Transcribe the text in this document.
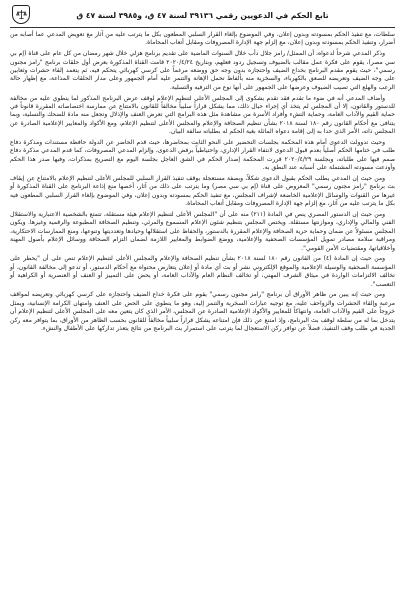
تابع الحكم في الدعويين رقمي ٣٩١٣٦ لسنة ٤٧ ق، و٣٩٨٥ لسنة ٤٧ ق

سلطات، مع تنفيذ الحكم بمسودته وبدون إعلان. وفي الموضوع بإلغاء القرار السلبي المطعون بكل ما يترتب عليه من آثار مع تعويض المدعي عما أصابه من أضرار، وتنفيذ الحكم بمسودته وبدون إعلان، مع إلزام جهة الإدارة المصروفات ومقابل أتعاب المحاماة.

وذكر المدعي شرحاً لدعواه، أن الممثل/ رامز جلال دأب خلال السنوات الماضية على تقديم برنامج هزلي خلال شهر رمضان من كل عام على قناة (إم بي سي مصر)، يقوم على فكرة عمل مقالب بالضيوف وتسجيل ردود فعلهم، وبتاريخ ٢٠٢٠/٤/٢٤ قامت القناة المذكورة بعرض أول حلقات برنامج "رامز مجنون رسمي"، حيث يقوم مقدم البرنامج بخداع الضيف واحتجازه بدون وجه حق ووضعه مرغماً على كرسي كهربائي يتحكم فيه، ثم يتعمد إلقاء حشرات وثعابين على وجه الضيف وتعريضه للصعق بالكهرباء، والسخرية منه بألفاظ تحمل الإهانة والتنمر عليه أمام الجمهور وعلى مدار الحلقات المذاعة، مع إظهار حالة الرعب والهلع التي تصيب الضيوف وعرضها على الجمهور على أنها نوع من الترفيه والتسلية.

وأضاف المدعي أنه في ضوء ما تقدم فقد تقدم بشكوى إلى المجلس الأعلى لتنظيم الإعلام لوقف عرض البرنامج المذكور لما ينطوي عليه من مخالفة للدستور والقانون، إلا أن المجلس لم يتخذ أي إجراء حيال ذلك، مما يشكل قراراً سلبياً مخالفاً للقانون بالامتناع عن ممارسة اختصاصاته المقررة قانوناً في حماية القيم والآداب العامة، وحماية النشء وأفراد الأسرة من مشاهدة مثل هذه البرامج التي تعرض العنف والإذلال وتجعل منه مادة للضحك والتسلية، وبما يتنافى مع أحكام القانون رقم ١٨٠ لسنة ٢٠١٨ بشأن تنظيم الصحافة والإعلام والمجلس الأعلى لتنظيم الإعلام، ومع الأكواد والمعايير الإعلامية الصادرة عن المجلس ذاته، الأمر الذي حدا به إلى إقامة دعواه الماثلة بغية الحكم له بطلباته سالفة البيان.

وحيث تدوولت الدعوى أمام هذه المحكمة بجلسات التحضير على النحو الثابت بمحاضرها، حيث قدم الحاضر عن الدولة حافظة مستندات ومذكرة دفاع طلب في ختامها الحكم أصلياً بعدم قبول الدعوى لانتفاء القرار الإداري، واحتياطياً برفض الدعوى، وإلزام المدعي المصروفات، كما قدم المدعي مذكرة دفاع صمم فيها على طلباته، وبجلسة ٢٠٢٠/٤/٢٩ قررت المحكمة إصدار الحكم في الشق العاجل بجلسة اليوم مع التصريح بمذكرات، وفيها صدر هذا الحكم وأودعت مسودته المشتملة على أسبابه عند النطق به.

ومن حيث إن المدعي يطلب الحكم بقبول الدعوى شكلاً، وبصفة مستعجلة بوقف تنفيذ القرار السلبي للمجلس الأعلى لتنظيم الإعلام بالامتناع عن إيقاف بث برنامج "رامز مجنون رسمي" المعروض على قناة (إم بي سي مصر) وما يترتب على ذلك من آثار، أخصها منع إذاعة البرنامج على القناة المذكورة أو غيرها من القنوات والوسائل الإعلامية الخاضعة لإشراف المجلس، مع تنفيذ الحكم بمسودته وبدون إعلان، وفي الموضوع بإلغاء القرار السلبي المطعون فيه بكل ما يترتب عليه من آثار، مع إلزام جهة الإدارة المصروفات ومقابل أتعاب المحاماة.

ومن حيث إن الدستور المصري ينص في المادة (٢١١) منه على أن "المجلس الأعلى لتنظيم الإعلام هيئة مستقلة، تتمتع بالشخصية الاعتبارية والاستقلال الفني والمالي والإداري، وموازنتها مستقلة. ويختص المجلس بتنظيم شئون الإعلام المسموع والمرئي، وتنظيم الصحافة المطبوعة والرقمية وغيرها. ويكون المجلس مسئولاً عن ضمان وحماية حرية الصحافة والإعلام المقررة بالدستور، والحفاظ على استقلالها وحيادها وتعدديتها وتنوعها، ومنع الممارسات الاحتكارية، ومراقبة سلامة مصادر تمويل المؤسسات الصحفية والإعلامية، ووضع الضوابط والمعايير اللازمة لضمان التزام الصحافة ووسائل الإعلام بأصول المهنة وأخلاقياتها، ومقتضيات الأمن القومي".

ومن حيث إن المادة (٤) من القانون رقم ١٨٠ لسنة ٢٠١٨ بشأن تنظيم الصحافة والإعلام والمجلس الأعلى لتنظيم الإعلام تنص على أن "يحظر على المؤسسة الصحفية والوسيلة الإعلامية والموقع الإلكتروني نشر أو بث أي مادة أو إعلان يتعارض محتواه مع أحكام الدستور، أو تدعو إلى مخالفة القانون، أو تخالف الالتزامات الواردة في ميثاق الشرف المهني، أو تخالف النظام العام والآداب العامة، أو يحض على التمييز أو العنف أو العنصرية أو الكراهية أو التعصب".

ومن حيث إنه يبين من ظاهر الأوراق أن برنامج "رامز مجنون رسمي" يقوم على فكرة خداع الضيف واحتجازه على كرسي كهربائي وتعريضه لمواقف مرعبة وإلقاء الحشرات والزواحف عليه، مع توجيه عبارات السخرية والتنمر إليه، وهو ما ينطوي على الحض على العنف وامتهان الكرامة الإنسانية، ويمثل خروجاً على القيم والآداب العامة، وانتهاكاً للمعايير والأكواد الإعلامية الصادرة عن المجلس، الأمر الذي كان يتعين معه على المجلس الأعلى لتنظيم الإعلام أن يتدخل بما له من سلطة لوقف بث البرنامج، وإذ امتنع عن ذلك فإن امتناعه يشكل قراراً سلبياً مخالفاً للقانون بحسب الظاهر من الأوراق، بما يتوافر معه ركن الجدية في طلب وقف التنفيذ، فضلاً عن توافر ركن الاستعجال لما يترتب على استمرار بث البرنامج من نتائج يتعذر تداركها على الأطفال والنشء.
